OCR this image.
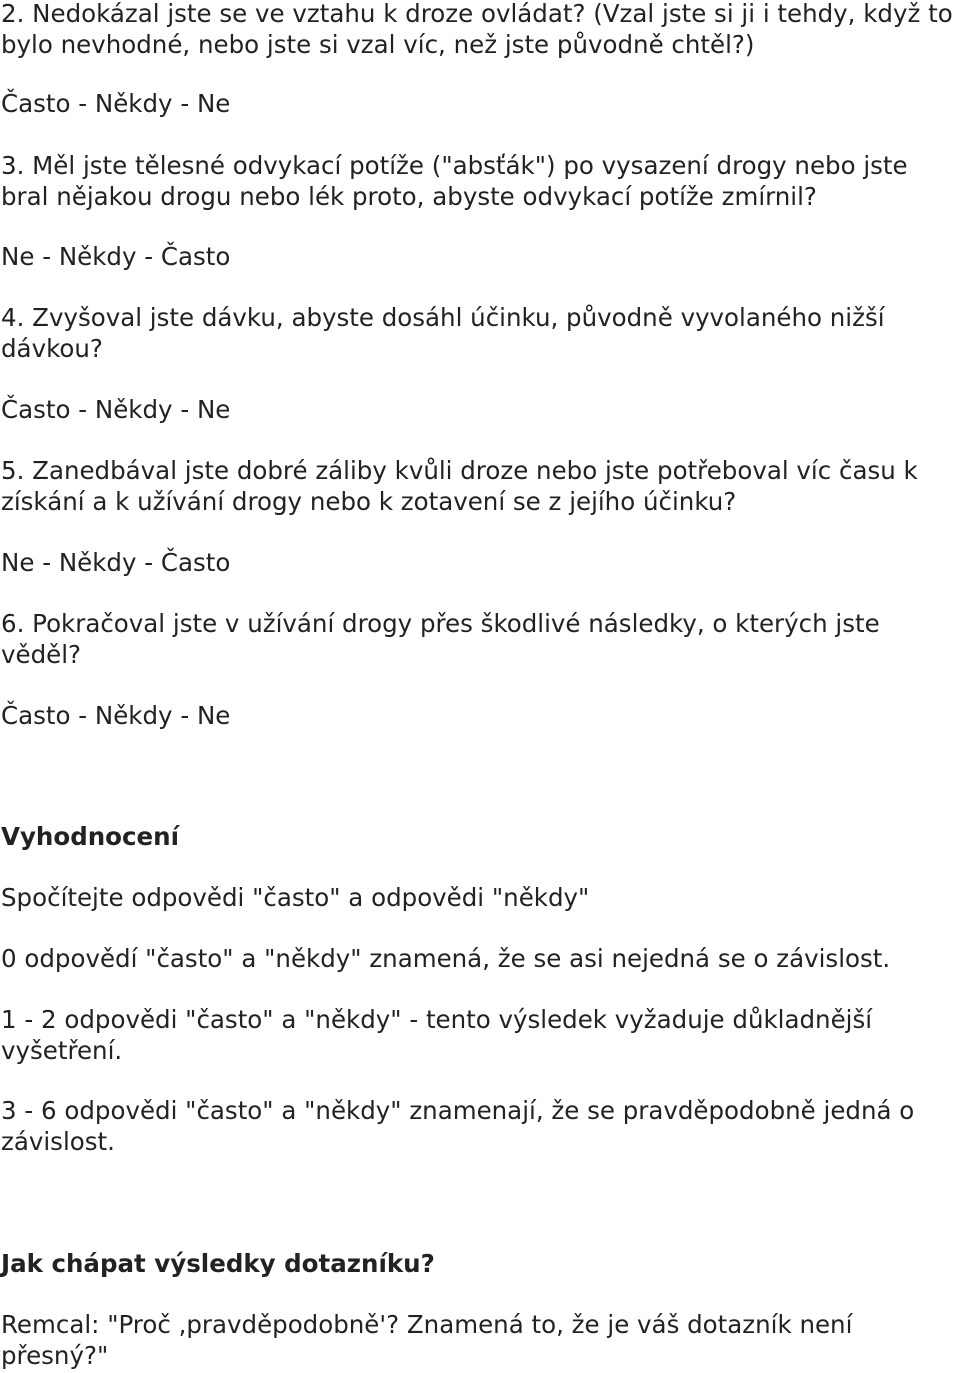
2. Nedokázal jste se ve vztahu k droze ovládat? (Vzal jste si ji i tehdy, když to bylo nevhodné, nebo jste si vzal víc, než jste původně chtěl?)
Často - Někdy - Ne
3. Měl jste tělesné odvykací potíže ("absťák") po vysazení drogy nebo jste bral nějakou drogu nebo lék proto, abyste odvykací potíže zmírnil?
Ne - Někdy - Často
4. Zvyšoval jste dávku, abyste dosáhl účinku, původně vyvolaného nižší dávkou?
Často - Někdy - Ne
5. Zanedbával jste dobré záliby kvůli droze nebo jste potřeboval víc času k získání a k užívání drogy nebo k zotavení se z jejího účinku?
Ne - Někdy - Často
6. Pokračoval jste v užívání drogy přes škodlivé následky, o kterých jste věděl?
Často - Někdy - Ne
Vyhodnocení
Spočítejte odpovědi "často" a odpovědi "někdy"
0 odpovědí "často" a "někdy" znamená, že se asi nejedná se o závislost.
1 - 2 odpovědi "často" a "někdy" - tento výsledek vyžaduje důkladnější vyšetření.
3 - 6 odpovědi "často" a "někdy" znamenají, že se pravděpodobně jedná o závislost.
Jak chápat výsledky dotazníku?
Remcal: "Proč ,pravděpodobně'? Znamená to, že je váš dotazník není přesný?"
